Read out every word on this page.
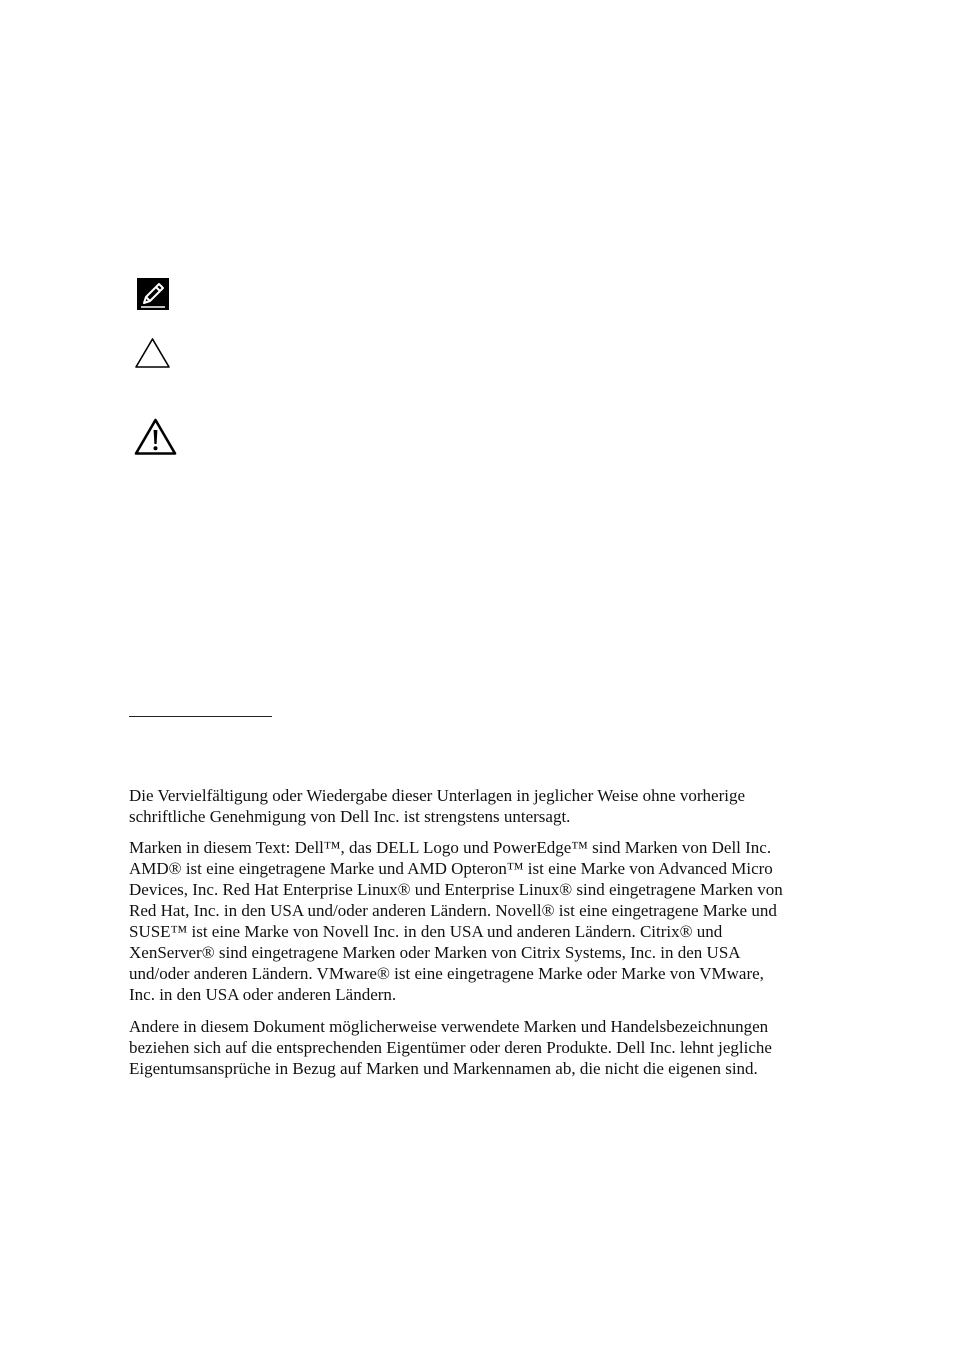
Die Vervielfältigung oder Wiedergabe dieser Unterlagen in jeglicher Weise ohne vorherige schriftliche Genehmigung von Dell Inc. ist strengstens untersagt.

Marken in diesem Text: Dell™, das DELL Logo und PowerEdge™ sind Marken von Dell Inc. AMD® ist eine eingetragene Marke und AMD Opteron™ ist eine Marke von Advanced Micro Devices, Inc. Red Hat Enterprise Linux® und Enterprise Linux® sind eingetragene Marken von Red Hat, Inc. in den USA und/oder anderen Ländern. Novell® ist eine eingetragene Marke und SUSE™ ist eine Marke von Novell Inc. in den USA und anderen Ländern. Citrix® und XenServer® sind eingetragene Marken oder Marken von Citrix Systems, Inc. in den USA und/oder anderen Ländern. VMware® ist eine eingetragene Marke oder Marke von VMware, Inc. in den USA oder anderen Ländern.

Andere in diesem Dokument möglicherweise verwendete Marken und Handelsbezeichnungen beziehen sich auf die entsprechenden Eigentümer oder deren Produkte. Dell Inc. lehnt jegliche Eigentumsansprüche in Bezug auf Marken und Markennamen ab, die nicht die eigenen sind.
